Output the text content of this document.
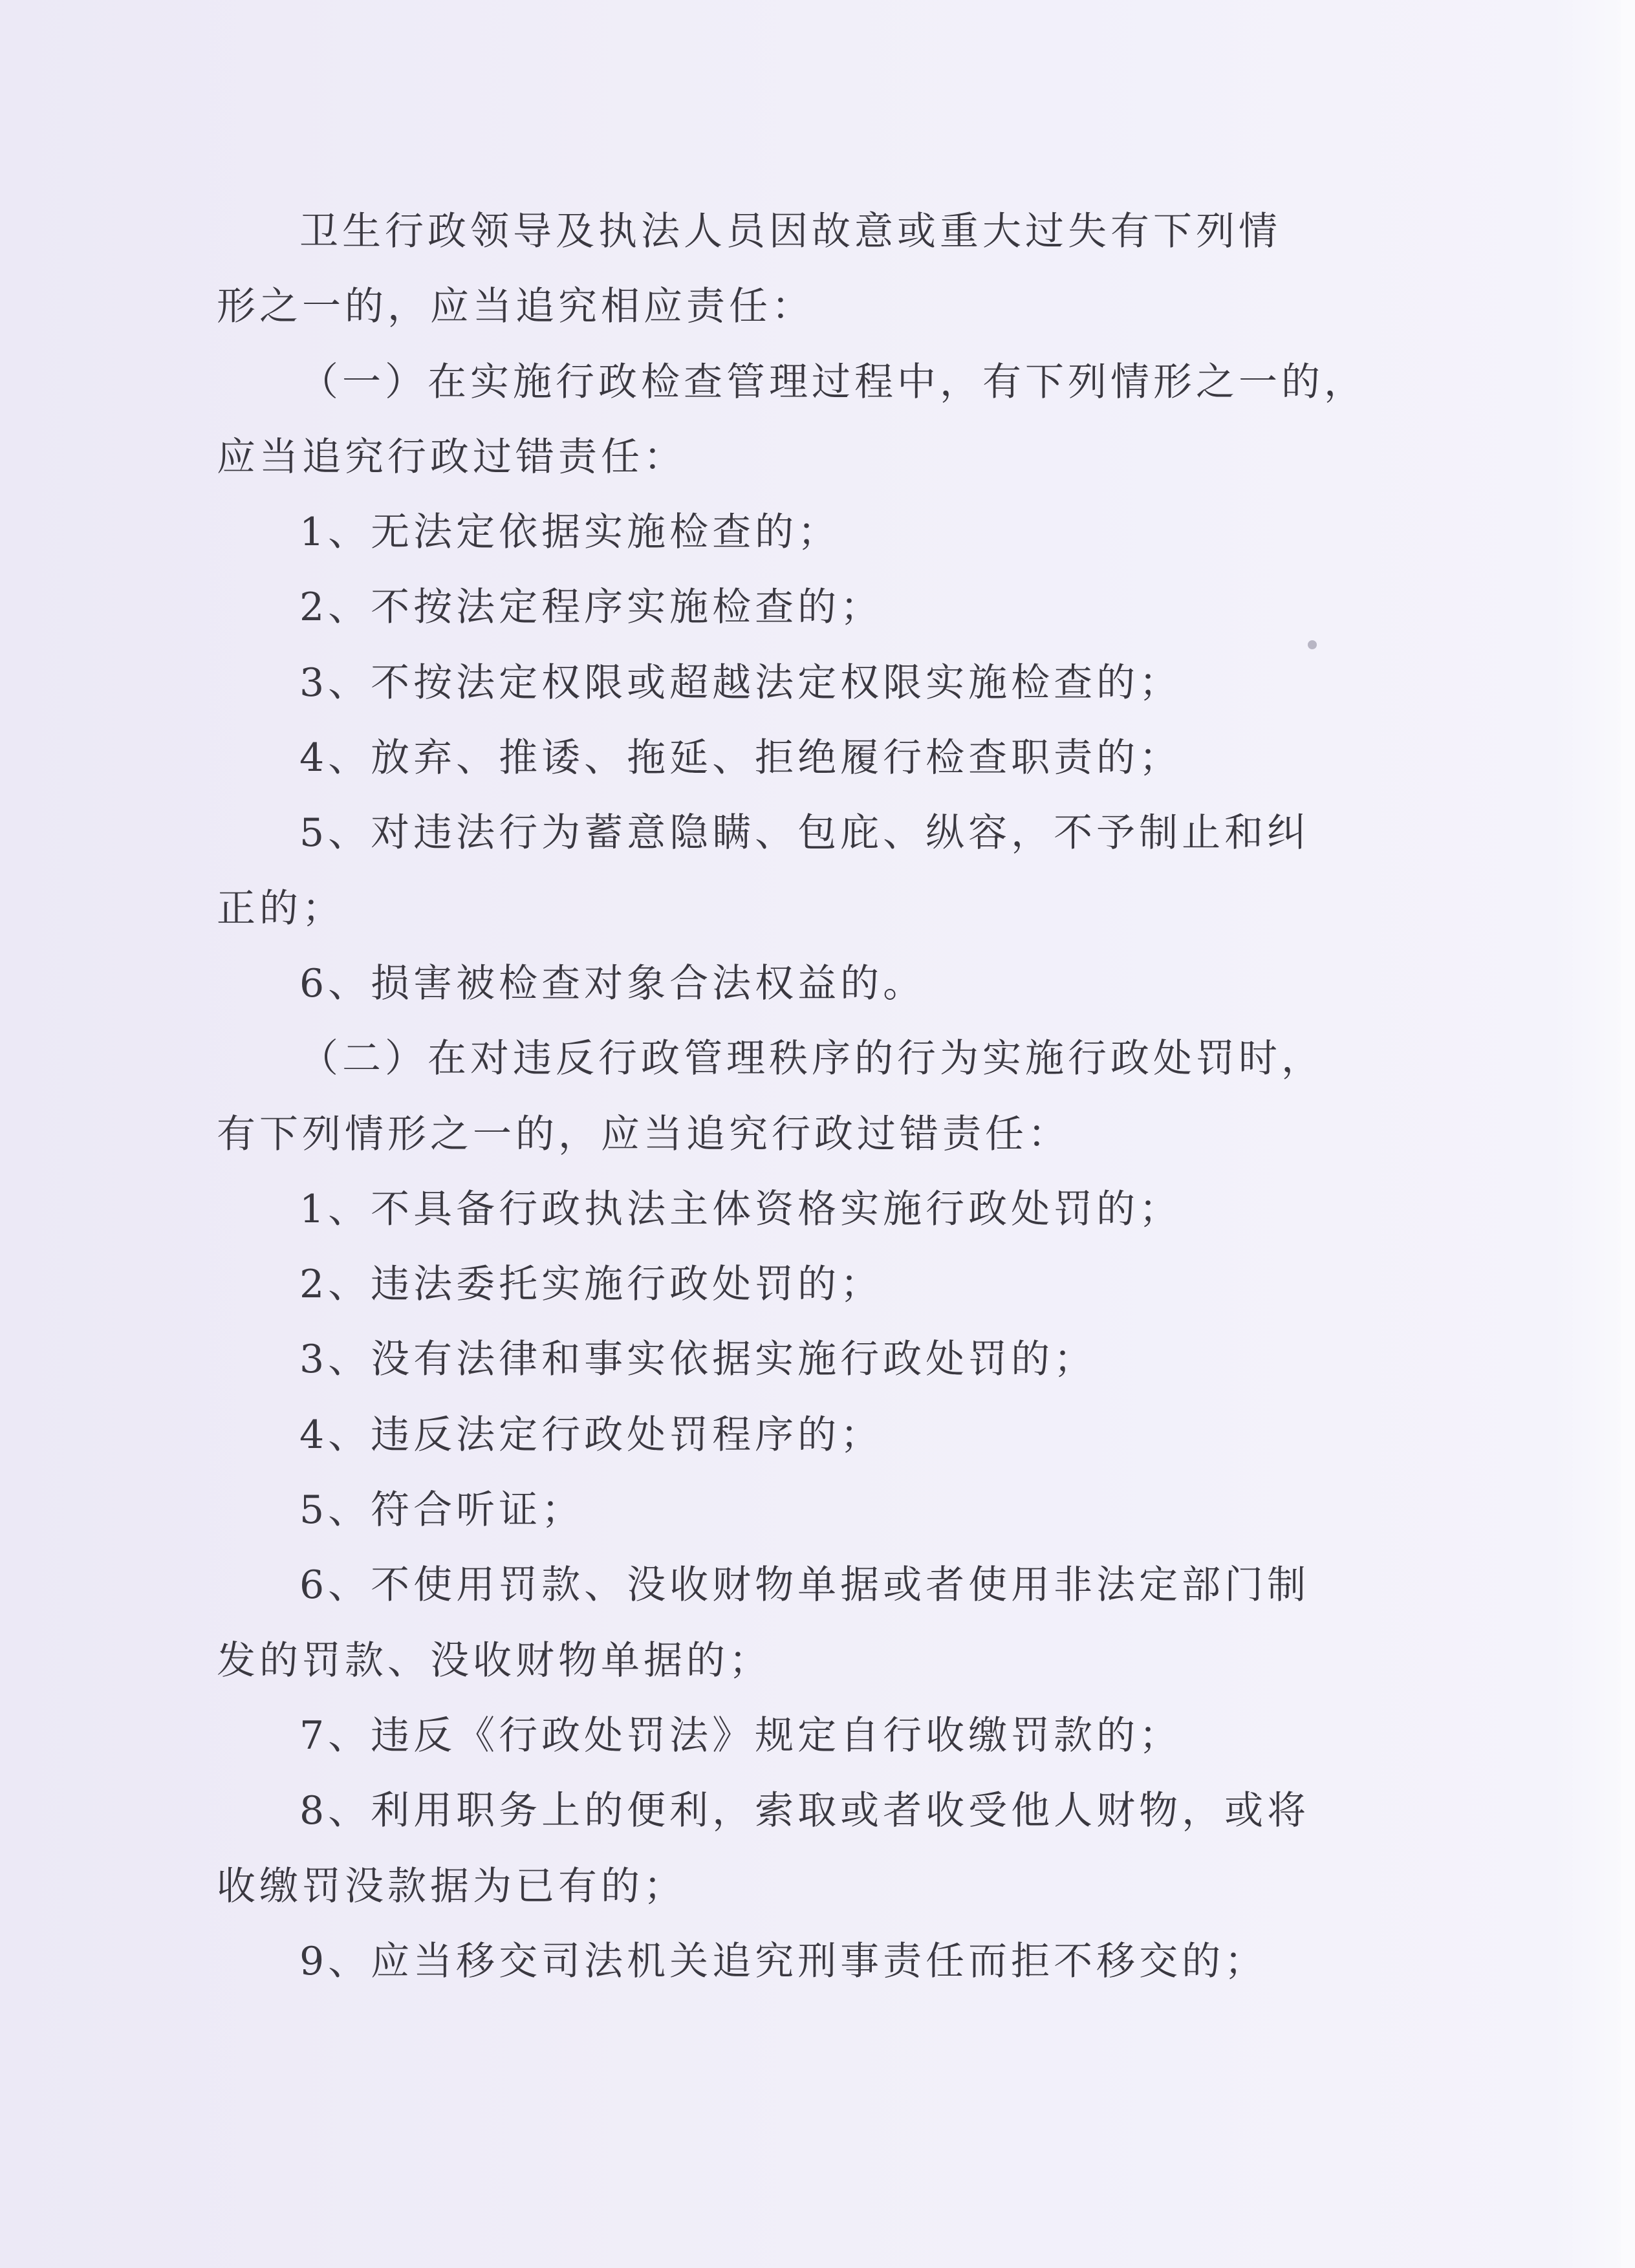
卫生行政领导及执法人员因故意或重大过失有下列情
形之一的，应当追究相应责任：
（一）在实施行政检查管理过程中，有下列情形之一的，
应当追究行政过错责任：
1、无法定依据实施检查的；
2、不按法定程序实施检查的；
3、不按法定权限或超越法定权限实施检查的；
4、放弃、推诿、拖延、拒绝履行检查职责的；
5、对违法行为蓄意隐瞒、包庇、纵容，不予制止和纠
正的；
6、损害被检查对象合法权益的。
（二）在对违反行政管理秩序的行为实施行政处罚时，
有下列情形之一的，应当追究行政过错责任：
1、不具备行政执法主体资格实施行政处罚的；
2、违法委托实施行政处罚的；
3、没有法律和事实依据实施行政处罚的；
4、违反法定行政处罚程序的；
5、符合听证；
6、不使用罚款、没收财物单据或者使用非法定部门制
发的罚款、没收财物单据的；
7、违反《行政处罚法》规定自行收缴罚款的；
8、利用职务上的便利，索取或者收受他人财物，或将
收缴罚没款据为已有的；
9、应当移交司法机关追究刑事责任而拒不移交的；
